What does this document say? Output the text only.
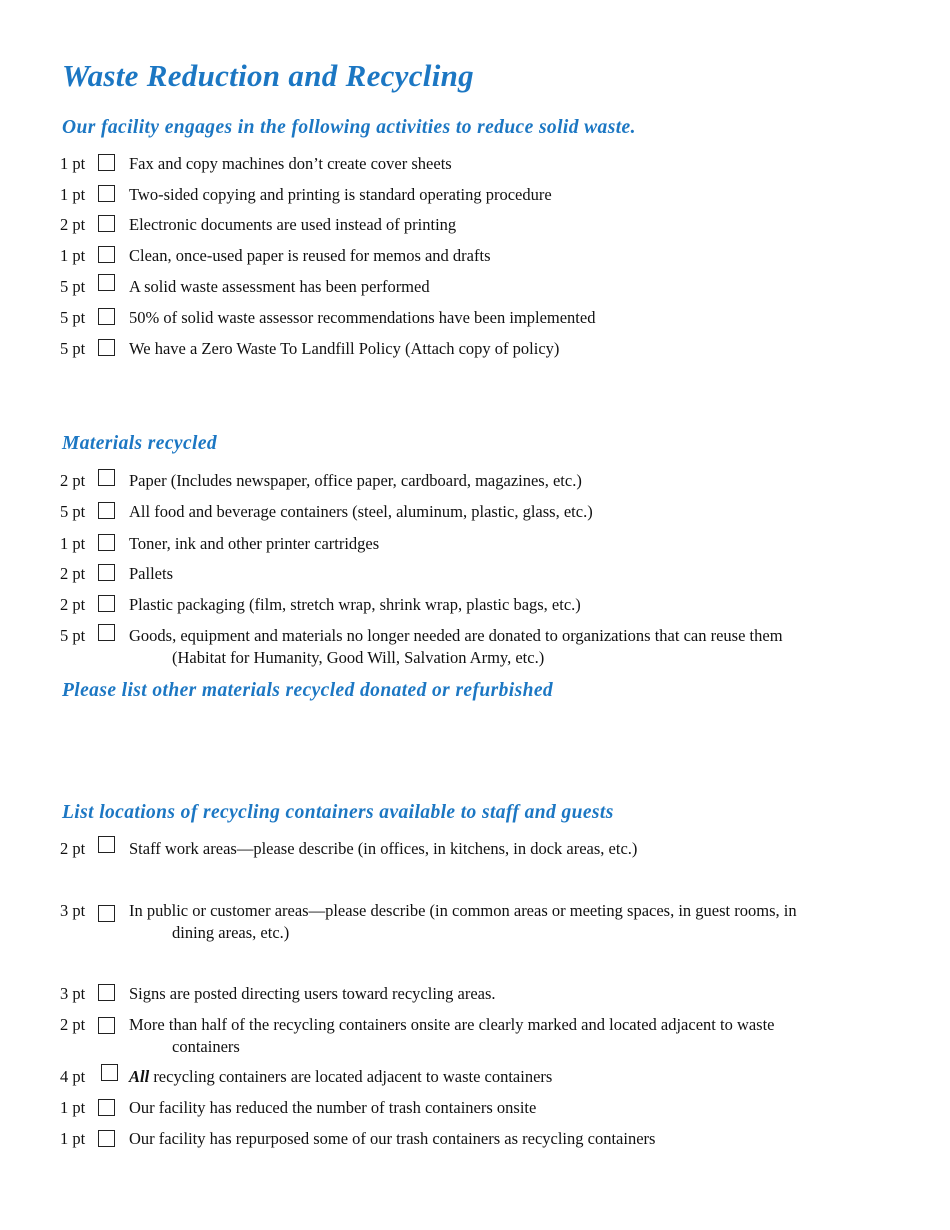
Waste Reduction and Recycling
Our facility engages in the following activities to reduce solid waste.
1 pt	Fax and copy machines don’t create cover sheets
1 pt	Two-sided copying and printing is standard operating procedure
2 pt	Electronic documents are used instead of printing
1 pt	Clean, once-used paper is reused for memos and drafts
5 pt	A solid waste assessment has been performed
5 pt	50% of solid waste assessor recommendations have been implemented
5 pt	We have a Zero Waste To Landfill Policy (Attach copy of policy)
Materials recycled
2 pt	Paper (Includes newspaper, office paper, cardboard, magazines, etc.)
5 pt	All food and beverage containers (steel, aluminum, plastic, glass, etc.)
1 pt	Toner, ink and other printer cartridges
2 pt	Pallets
2 pt	Plastic packaging (film, stretch wrap, shrink wrap, plastic bags, etc.)
5 pt	Goods, equipment and materials no longer needed are donated to organizations that can reuse them
(Habitat for Humanity, Good Will, Salvation Army, etc.)
Please list other materials recycled donated or refurbished
List locations of recycling containers available to staff and guests
2 pt	Staff work areas—please describe (in offices, in kitchens, in dock areas, etc.)
3 pt	In public or customer areas—please describe (in common areas or meeting spaces, in guest rooms, in
dining areas, etc.)
3 pt	Signs are posted directing users toward recycling areas.
2 pt	More than half of the recycling containers onsite are clearly marked and located adjacent to waste
containers
4 pt	All recycling containers are located adjacent to waste containers
1 pt	Our facility has reduced the number of trash containers onsite
1 pt	Our facility has repurposed some of our trash containers as recycling containers
